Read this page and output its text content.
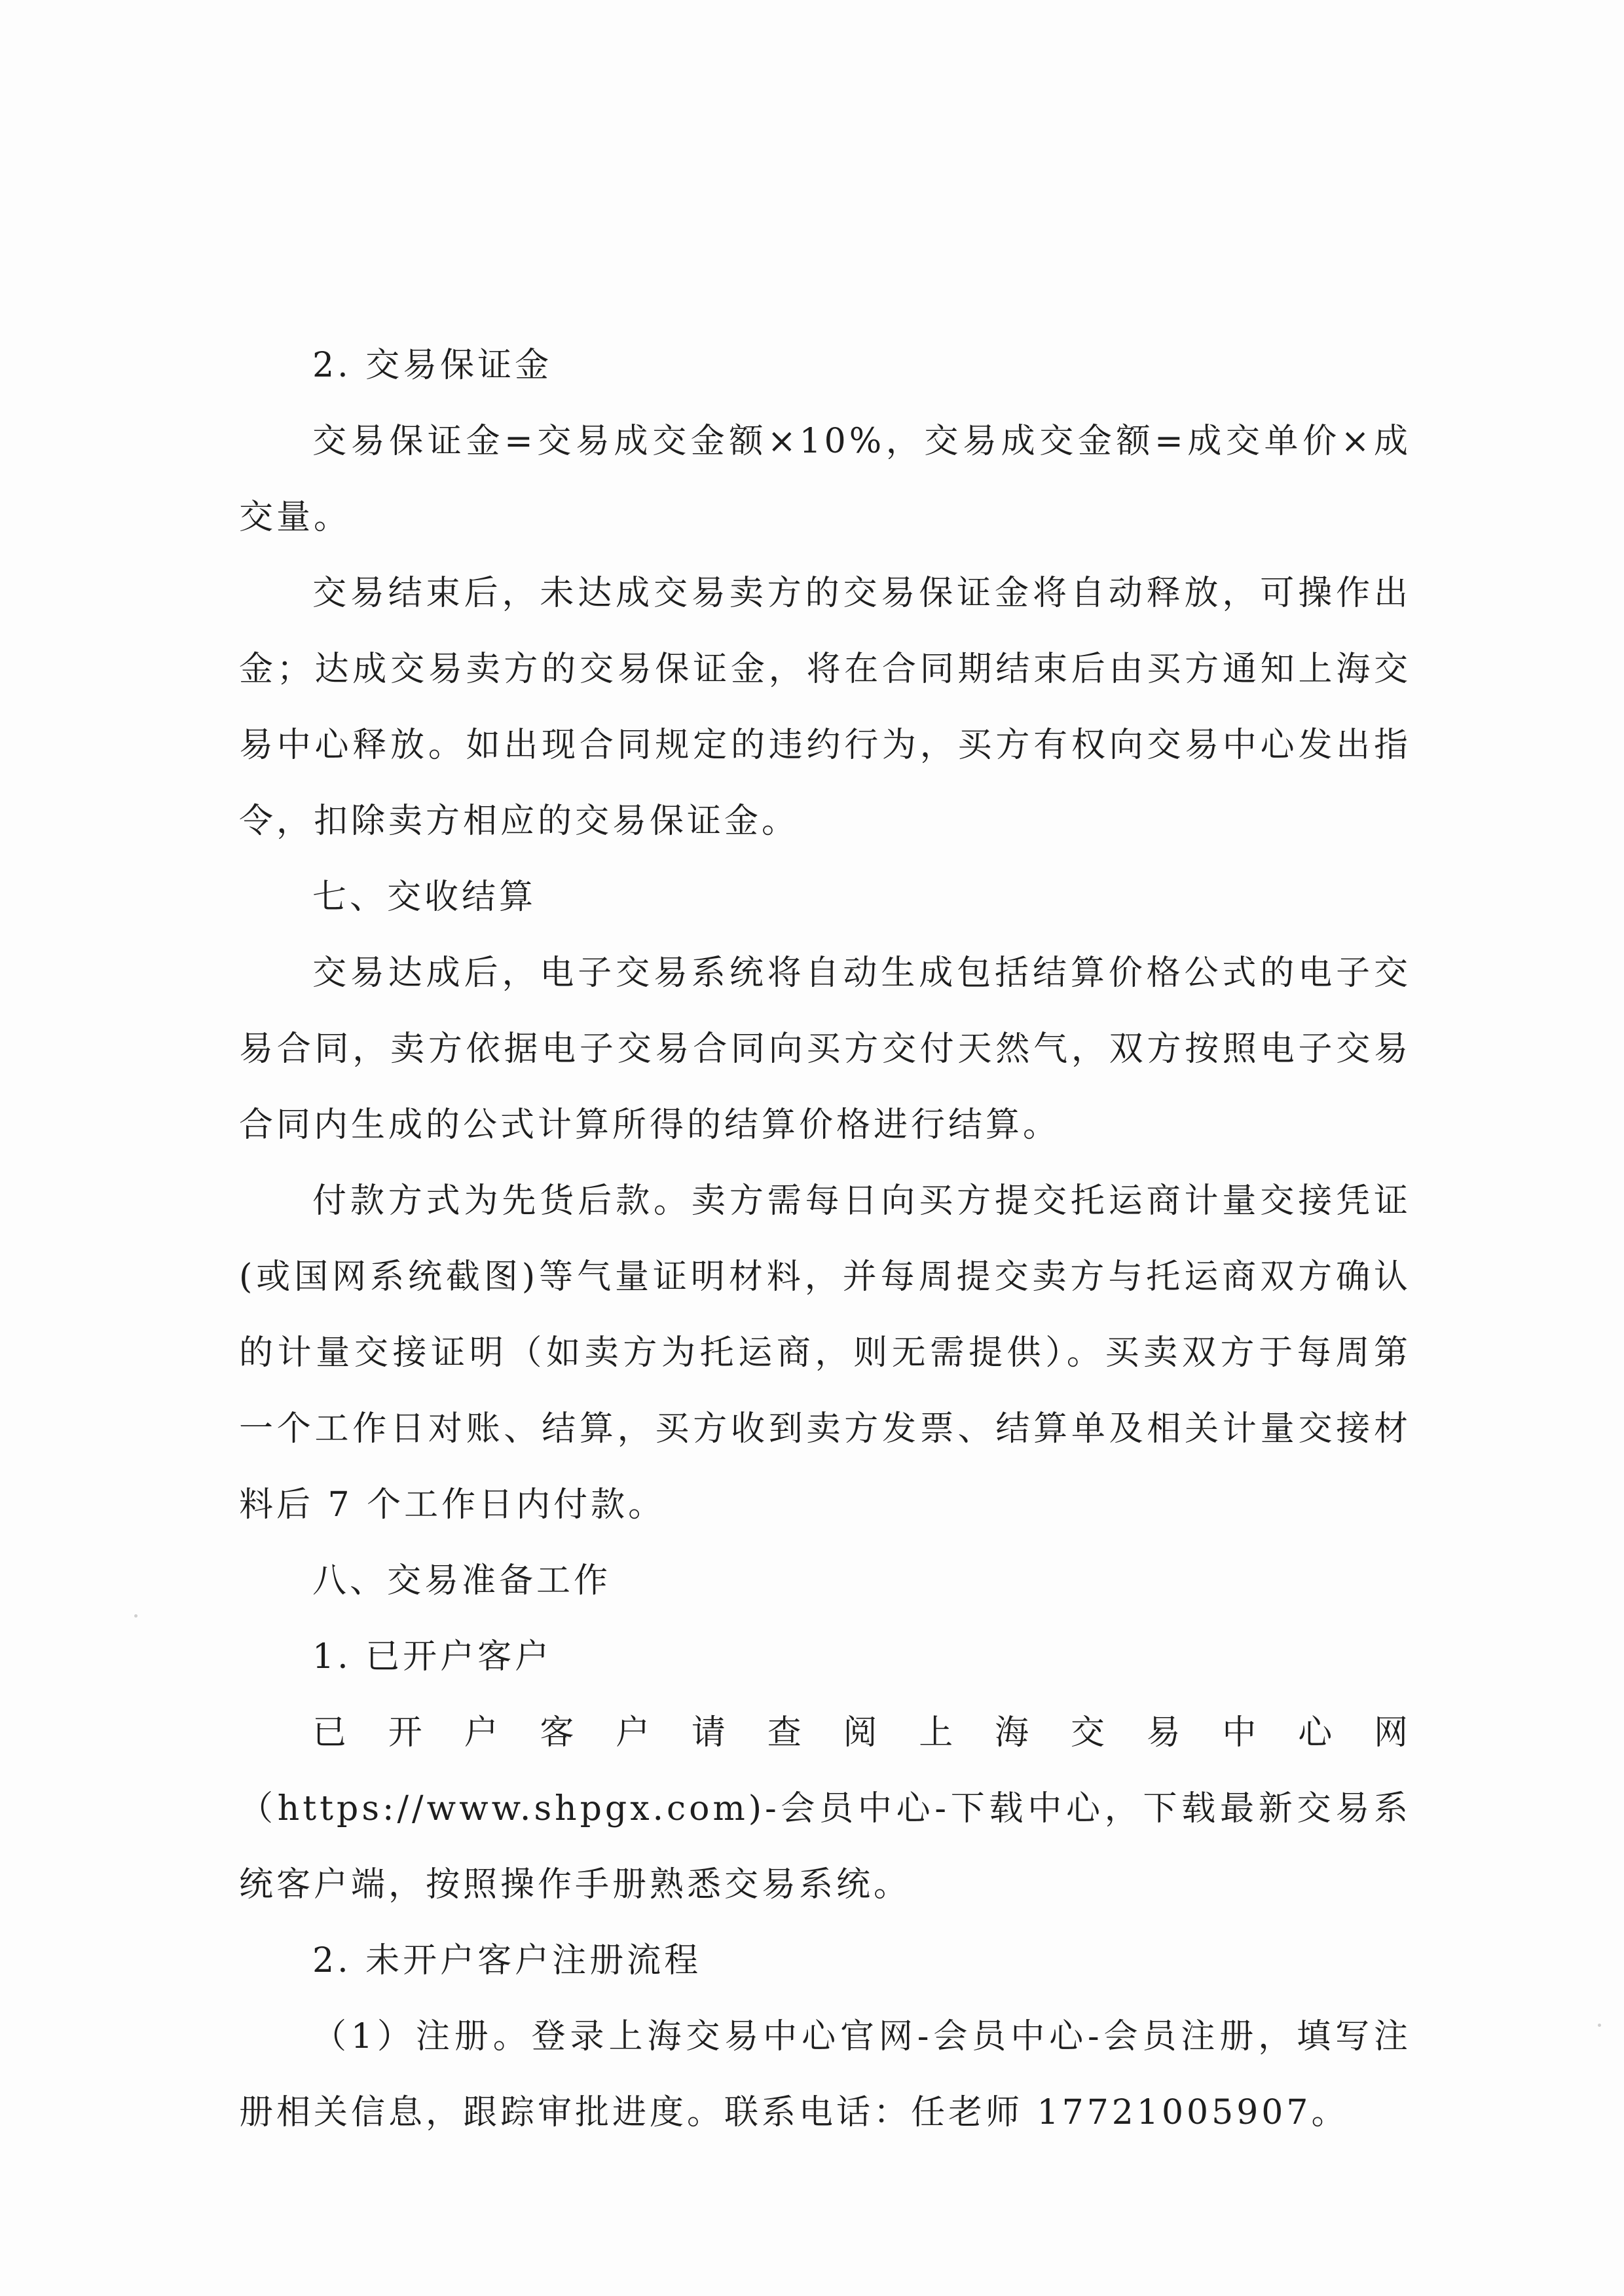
2. 交易保证金

交易保证金=交易成交金额×10%，交易成交金额=成交单价×成交量。

交易结束后，未达成交易卖方的交易保证金将自动释放，可操作出金；达成交易卖方的交易保证金，将在合同期结束后由买方通知上海交易中心释放。如出现合同规定的违约行为，买方有权向交易中心发出指令，扣除卖方相应的交易保证金。

七、交收结算

交易达成后，电子交易系统将自动生成包括结算价格公式的电子交易合同，卖方依据电子交易合同向买方交付天然气，双方按照电子交易合同内生成的公式计算所得的结算价格进行结算。

付款方式为先货后款。卖方需每日向买方提交托运商计量交接凭证(或国网系统截图)等气量证明材料，并每周提交卖方与托运商双方确认的计量交接证明（如卖方为托运商，则无需提供）。买卖双方于每周第一个工作日对账、结算，买方收到卖方发票、结算单及相关计量交接材料后 7 个工作日内付款。

八、交易准备工作

1. 已开户客户

已开户客户请查阅上海交易中心网（https://www.shpgx.com)-会员中心-下载中心，下载最新交易系统客户端，按照操作手册熟悉交易系统。

2. 未开户客户注册流程

（1）注册。登录上海交易中心官网-会员中心-会员注册，填写注册相关信息，跟踪审批进度。联系电话：任老师 17721005907。
